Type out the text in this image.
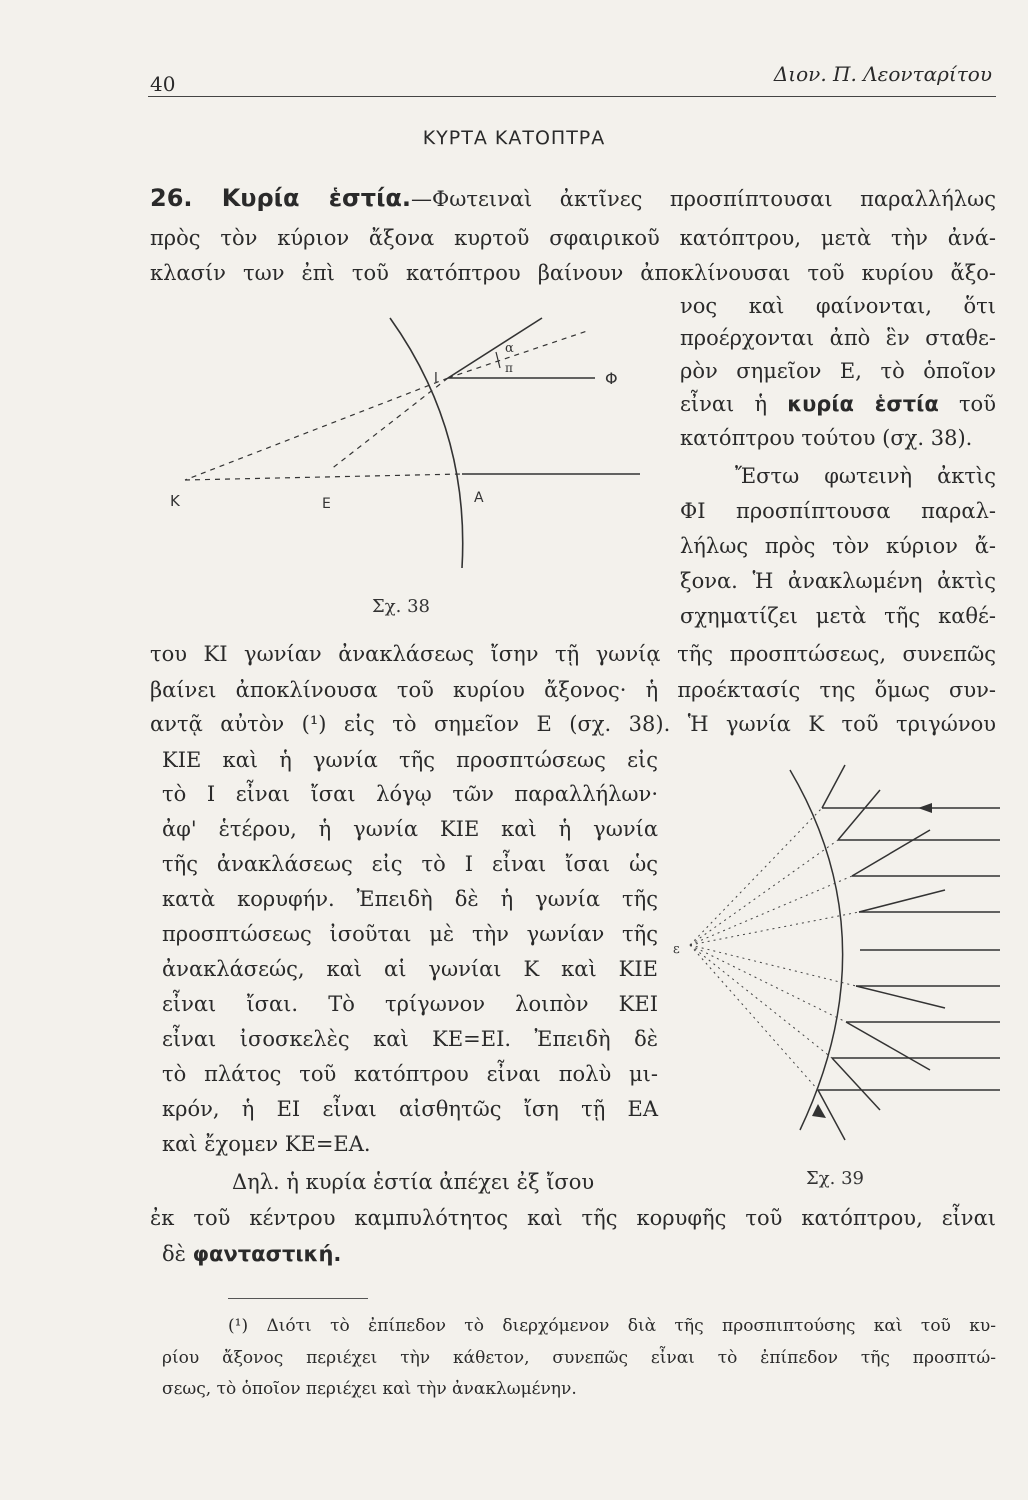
40	Διον. Π. Λεονταρίτου
ΚΥΡΤΑ ΚΑΤΟΠΤΡΑ
26. Κυρία ἑστία.—Φωτειναὶ ἀκτῖνες προσπίπτουσαι παραλλήλως
πρὸς τὸν κύριον ἄξονα κυρτοῦ σφαιρικοῦ κατόπτρου, μετὰ τὴν ἀνά-
κλασίν των ἐπὶ τοῦ κατόπτρου βαίνουν ἀποκλίνουσαι τοῦ κυρίου ἄξο-
νος καὶ φαίνονται, ὅτι
προέρχονται ἀπὸ ἓν σταθε-
ρὸν σημεῖον Ε, τὸ ὁποῖον
εἶναι ἡ κυρία ἑστία τοῦ
κατόπτρου τούτου (σχ. 38).
Ἔστω φωτεινὴ ἀκτὶς
ΦΙ προσπίπτουσα παραλ-
λήλως πρὸς τὸν κύριον ἄ-
ξονα. Ἡ ἀνακλωμένη ἀκτὶς
σχηματίζει μετὰ τῆς καθέ-
του ΚΙ γωνίαν ἀνακλάσεως ἴσην τῇ γωνίᾳ τῆς προσπτώσεως, συνεπῶς
βαίνει ἀποκλίνουσα τοῦ κυρίου ἄξονος· ἡ προέκτασίς της ὅμως συν-
αντᾷ αὐτὸν (¹) εἰς τὸ σημεῖον Ε (σχ. 38). Ἡ γωνία Κ τοῦ τριγώνου
ΚΙΕ καὶ ἡ γωνία τῆς προσπτώσεως εἰς
τὸ Ι εἶναι ἴσαι λόγῳ τῶν παραλλήλων·
ἀφ' ἑτέρου, ἡ γωνία ΚΙΕ καὶ ἡ γωνία
τῆς ἀνακλάσεως εἰς τὸ Ι εἶναι ἴσαι ὡς
κατὰ κορυφήν. Ἐπειδὴ δὲ ἡ γωνία τῆς
προσπτώσεως ἰσοῦται μὲ τὴν γωνίαν τῆς
ἀνακλάσεώς, καὶ αἱ γωνίαι Κ καὶ ΚΙΕ
εἶναι ἴσαι. Τὸ τρίγωνον λοιπὸν ΚΕΙ
εἶναι ἰσοσκελὲς καὶ ΚΕ=ΕΙ. Ἐπειδὴ δὲ
τὸ πλάτος τοῦ κατόπτρου εἶναι πολὺ μι-
κρόν, ἡ ΕΙ εἶναι αἰσθητῶς ἴση τῇ ΕΑ
καὶ ἔχομεν ΚΕ=ΕΑ.
Δηλ. ἡ κυρία ἑστία ἀπέχει ἐξ ἴσου
ἐκ τοῦ κέντρου καμπυλότητος καὶ τῆς κορυφῆς τοῦ κατόπτρου, εἶναι
δὲ φανταστική.
(¹) Διότι τὸ ἐπίπεδον τὸ διερχόμενον διὰ τῆς προσπιπτούσης καὶ τοῦ κυ-
ρίου ἄξονος περιέχει τὴν κάθετον, συνεπῶς εἶναι τὸ ἐπίπεδον τῆς προσπτώ-
σεως, τὸ ὁποῖον περιέχει καὶ τὴν ἀνακλωμένην.
Κ	Ε	Α
Ι	Φ
α
π
Σχ. 38
ε
Σχ. 39
